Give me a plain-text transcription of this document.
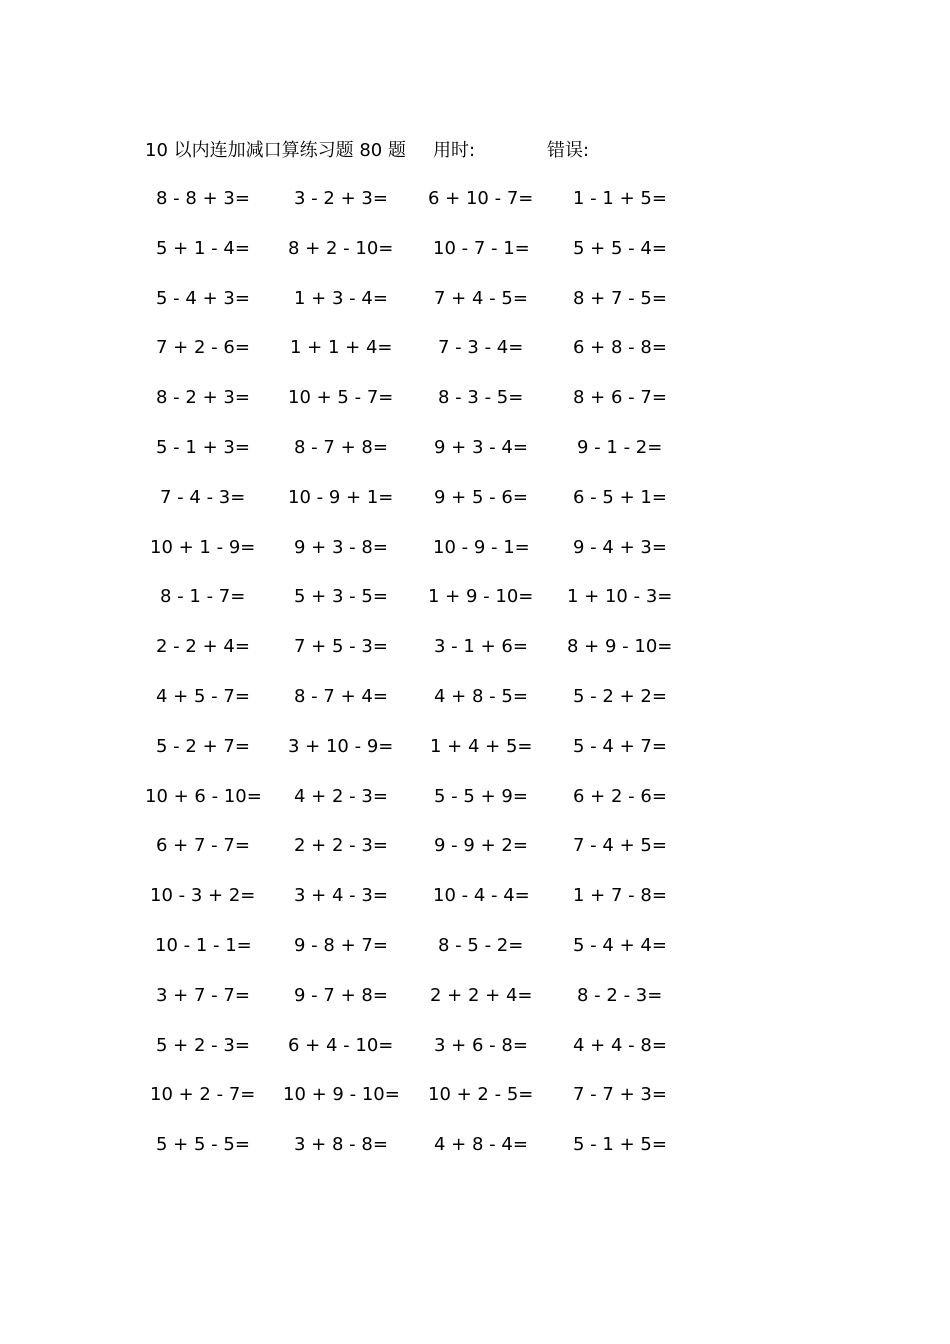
10 以内连加减口算练习题 80 题 用时:	错误:
8 - 8 + 3= 3 - 2 + 3= 6 + 10 - 7= 1 - 1 + 5=
5 + 1 - 4= 8 + 2 - 10= 10 - 7 - 1= 5 + 5 - 4=
5 - 4 + 3= 1 + 3 - 4=	7 + 4 - 5=	8 + 7 - 5=
7 + 2 - 6= 1 + 1 + 4=	7 - 3 - 4=	6 + 8 - 8=
8 - 2 + 3= 10 + 5 - 7= 8 - 3 - 5=	8 + 6 - 7=
5 - 1 + 3= 8 - 7 + 8=	9 + 3 - 4=	9 - 1 - 2=
7 - 4 - 3= 10 - 9 + 1= 9 + 5 - 6=	6 - 5 + 1=
10 + 1 - 9= 9 + 3 - 8=	10 - 9 - 1= 9 - 4 + 3=
8 - 1 - 7=	5 + 3 - 5= 1 + 9 - 10= 1 + 10 - 3=
2 - 2 + 4= 7 + 5 - 3=	3 - 1 + 6= 8 + 9 - 10=
4 + 5 - 7= 8 - 7 + 4=	4 + 8 - 5=	5 - 2 + 2=
5 - 2 + 7= 3 + 10 - 9= 1 + 4 + 5= 5 - 4 + 7=
10 + 6 - 10= 4 + 2 - 3=	5 - 5 + 9=	6 + 2 - 6=
6 + 7 - 7= 2 + 2 - 3=	9 - 9 + 2=	7 - 4 + 5=
10 - 3 + 2= 3 + 4 - 3=	10 - 4 - 4= 1 + 7 - 8=
10 - 1 - 1= 9 - 8 + 7=	8 - 5 - 2=	5 - 4 + 4=
3 + 7 - 7= 9 - 7 + 8= 2 + 2 + 4= 8 - 2 - 3=
5 + 2 - 3= 6 + 4 - 10= 3 + 6 - 8=	4 + 4 - 8=
10 + 2 - 7= 10 + 9 - 10= 10 + 2 - 5= 7 - 7 + 3=
5 + 5 - 5= 3 + 8 - 8=	4 + 8 - 4=	5 - 1 + 5=
